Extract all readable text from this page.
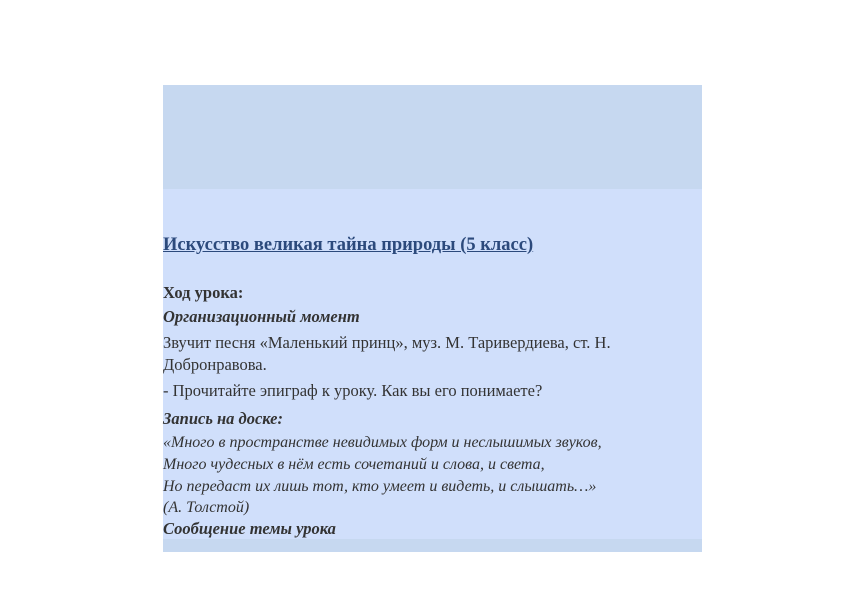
Искусство великая тайна природы (5 класс)
Ход урока:
Организационный момент
Звучит песня «Маленький принц», муз. М. Таривердиева, ст. Н. Добронравова.
- Прочитайте эпиграф к уроку. Как вы его понимаете?
Запись на доске:
«Много в пространстве невидимых форм и неслышимых звуков,
Много чудесных в нём есть сочетаний и слова, и света,
Но передаст их лишь тот, кто умеет и видеть, и слышать…»
(А. Толстой)
Сообщение темы урока
